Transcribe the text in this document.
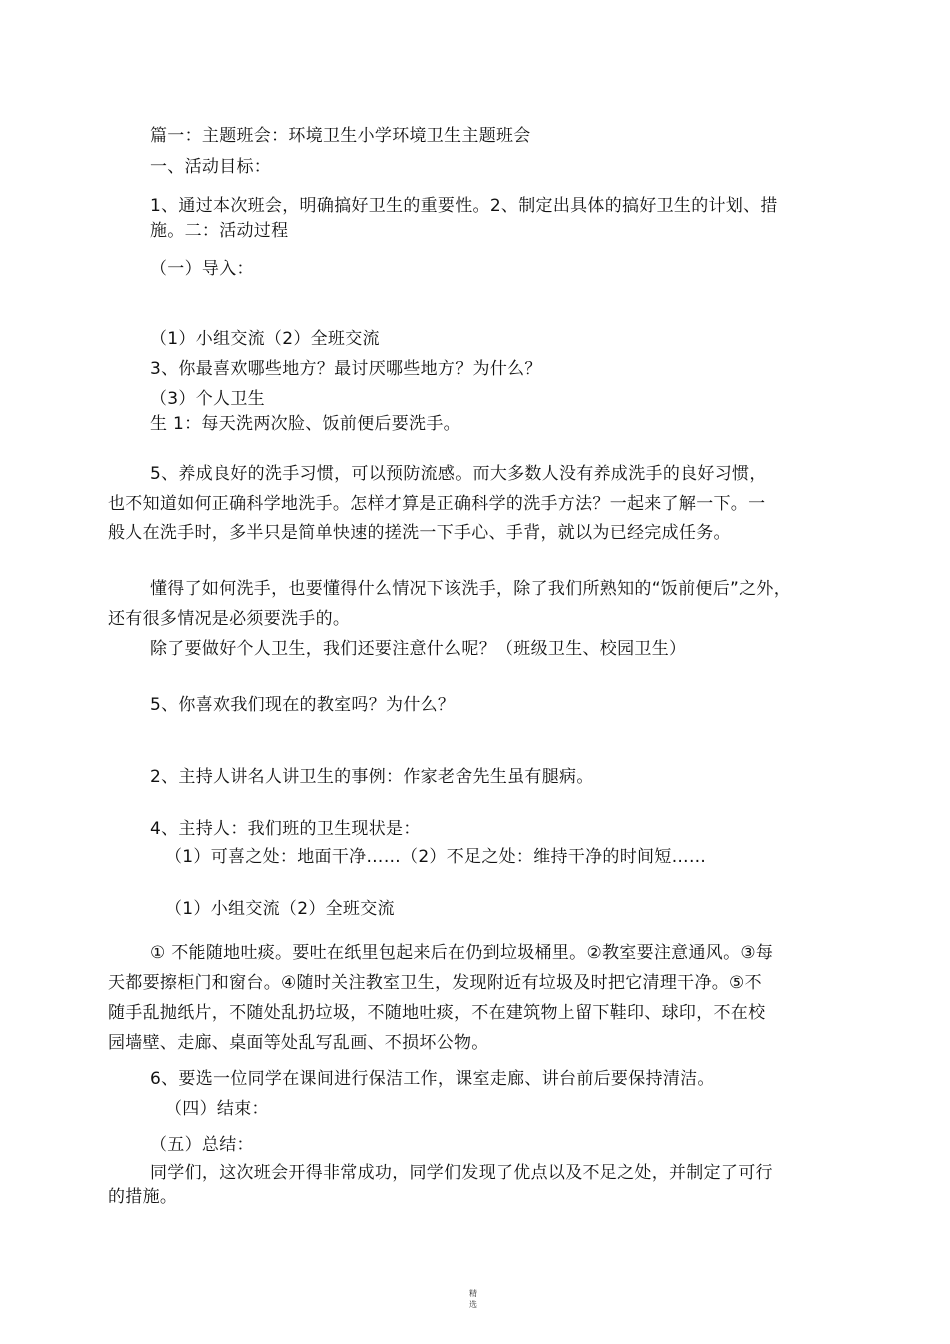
篇一：主题班会：环境卫生小学环境卫生主题班会
一、活动目标：
1、通过本次班会，明确搞好卫生的重要性。2、制定出具体的搞好卫生的计划、措
施。二：活动过程
（一）导入：
（1）小组交流（2）全班交流
3、你最喜欢哪些地方？最讨厌哪些地方？为什么？
（3）个人卫生
生 1：每天洗两次脸、饭前便后要洗手。
5、养成良好的洗手习惯，可以预防流感。而大多数人没有养成洗手的良好习惯，
也不知道如何正确科学地洗手。怎样才算是正确科学的洗手方法？一起来了解一下。一
般人在洗手时，多半只是简单快速的搓洗一下手心、手背，就以为已经完成任务。
懂得了如何洗手，也要懂得什么情况下该洗手，除了我们所熟知的“饭前便后”之外，
还有很多情况是必须要洗手的。
除了要做好个人卫生，我们还要注意什么呢？（班级卫生、校园卫生）
5、你喜欢我们现在的教室吗？为什么？
2、主持人讲名人讲卫生的事例：作家老舍先生虽有腿病。
4、主持人：我们班的卫生现状是：
（1）可喜之处：地面干净……（2）不足之处：维持干净的时间短……
（1）小组交流（2）全班交流
① 不能随地吐痰。要吐在纸里包起来后在仍到垃圾桶里。②教室要注意通风。③每
天都要擦柜门和窗台。④随时关注教室卫生，发现附近有垃圾及时把它清理干净。⑤不
随手乱抛纸片，不随处乱扔垃圾，不随地吐痰，不在建筑物上留下鞋印、球印，不在校
园墙壁、走廊、桌面等处乱写乱画、不损坏公物。
6、要选一位同学在课间进行保洁工作，课室走廊、讲台前后要保持清洁。
（四）结束：
（五）总结：
同学们，这次班会开得非常成功，同学们发现了优点以及不足之处，并制定了可行
的措施。
精选
